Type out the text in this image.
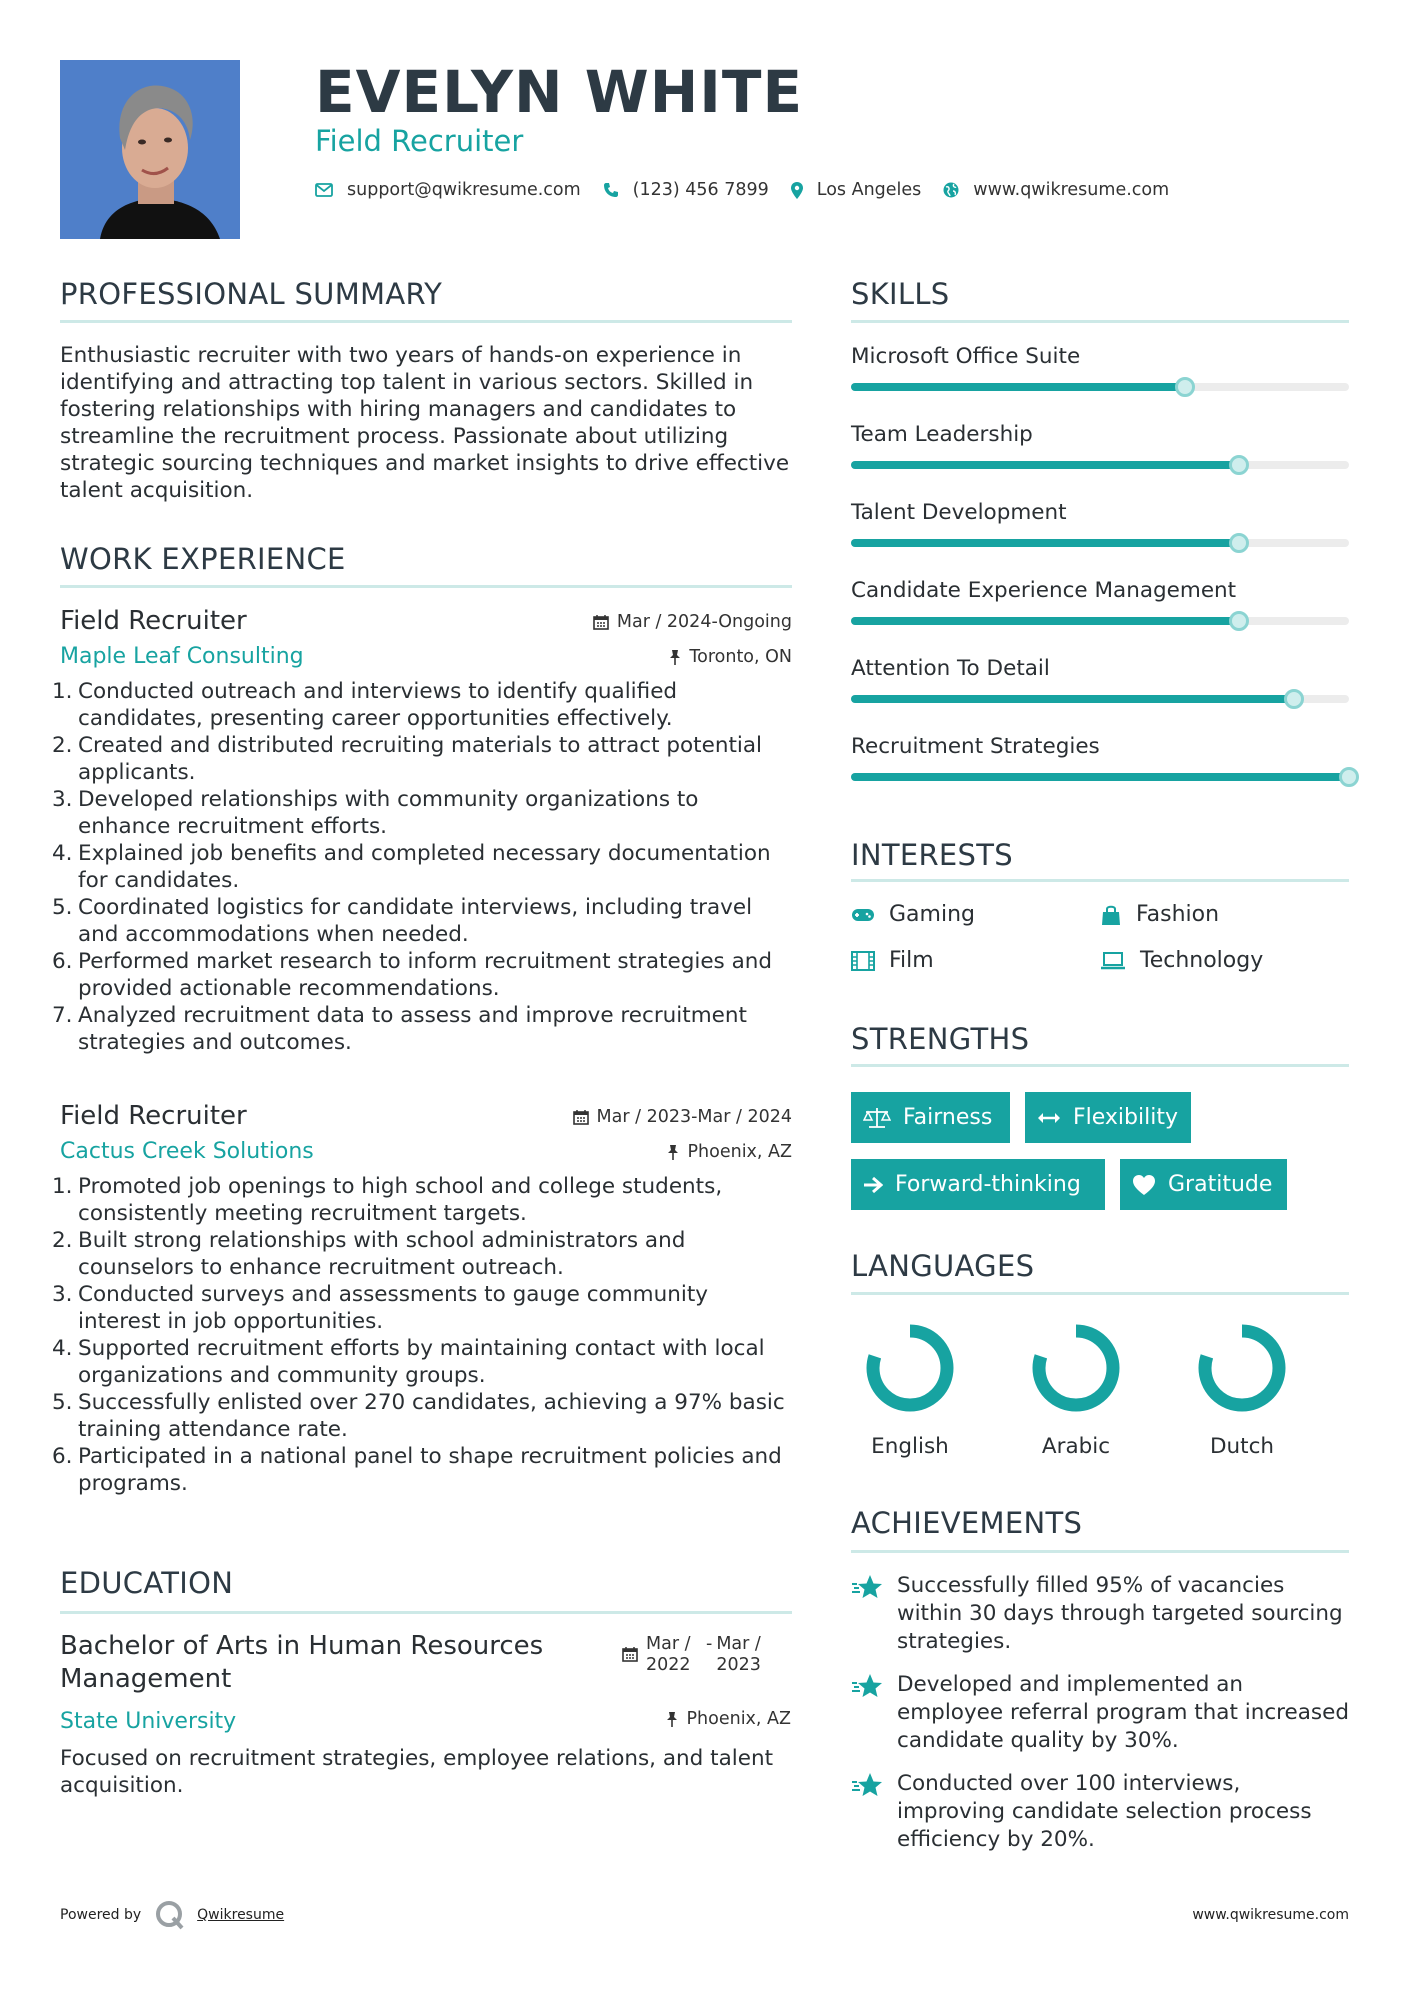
EVELYN WHITE
Field Recruiter
support@qwikresume.com	(123) 456 7899	Los Angeles	www.qwikresume.com
PROFESSIONAL SUMMARY
Enthusiastic recruiter with two years of hands-on experience in identifying and attracting top talent in various sectors. Skilled in fostering relationships with hiring managers and candidates to streamline the recruitment process. Passionate about utilizing strategic sourcing techniques and market insights to drive effective talent acquisition.
WORK EXPERIENCE
Field Recruiter	Mar / 2024-Ongoing
Maple Leaf Consulting	Toronto, ON
1. Conducted outreach and interviews to identify qualified candidates, presenting career opportunities effectively.
2. Created and distributed recruiting materials to attract potential applicants.
3. Developed relationships with community organizations to enhance recruitment efforts.
4. Explained job benefits and completed necessary documentation for candidates.
5. Coordinated logistics for candidate interviews, including travel and accommodations when needed.
6. Performed market research to inform recruitment strategies and provided actionable recommendations.
7. Analyzed recruitment data to assess and improve recruitment strategies and outcomes.
Field Recruiter	Mar / 2023-Mar / 2024
Cactus Creek Solutions	Phoenix, AZ
1. Promoted job openings to high school and college students, consistently meeting recruitment targets.
2. Built strong relationships with school administrators and counselors to enhance recruitment outreach.
3. Conducted surveys and assessments to gauge community interest in job opportunities.
4. Supported recruitment efforts by maintaining contact with local organizations and community groups.
5. Successfully enlisted over 270 candidates, achieving a 97% basic training attendance rate.
6. Participated in a national panel to shape recruitment policies and programs.
EDUCATION
Bachelor of Arts in Human Resources Management
Mar / 2022
- Mar / 2023
State University	Phoenix, AZ
Focused on recruitment strategies, employee relations, and talent acquisition.
SKILLS
Microsoft Office Suite
Team Leadership
Talent Development
Candidate Experience Management
Attention To Detail
Recruitment Strategies
INTERESTS
Gaming	Fashion
Film	Technology
STRENGTHS
Fairness	Flexibility
Forward-thinking	Gratitude
LANGUAGES
English	Arabic	Dutch
ACHIEVEMENTS
Successfully filled 95% of vacancies within 30 days through targeted sourcing strategies.
Developed and implemented an employee referral program that increased candidate quality by 30%.
Conducted over 100 interviews, improving candidate selection process efficiency by 20%.
Powered by	Qwikresume	www.qwikresume.com
